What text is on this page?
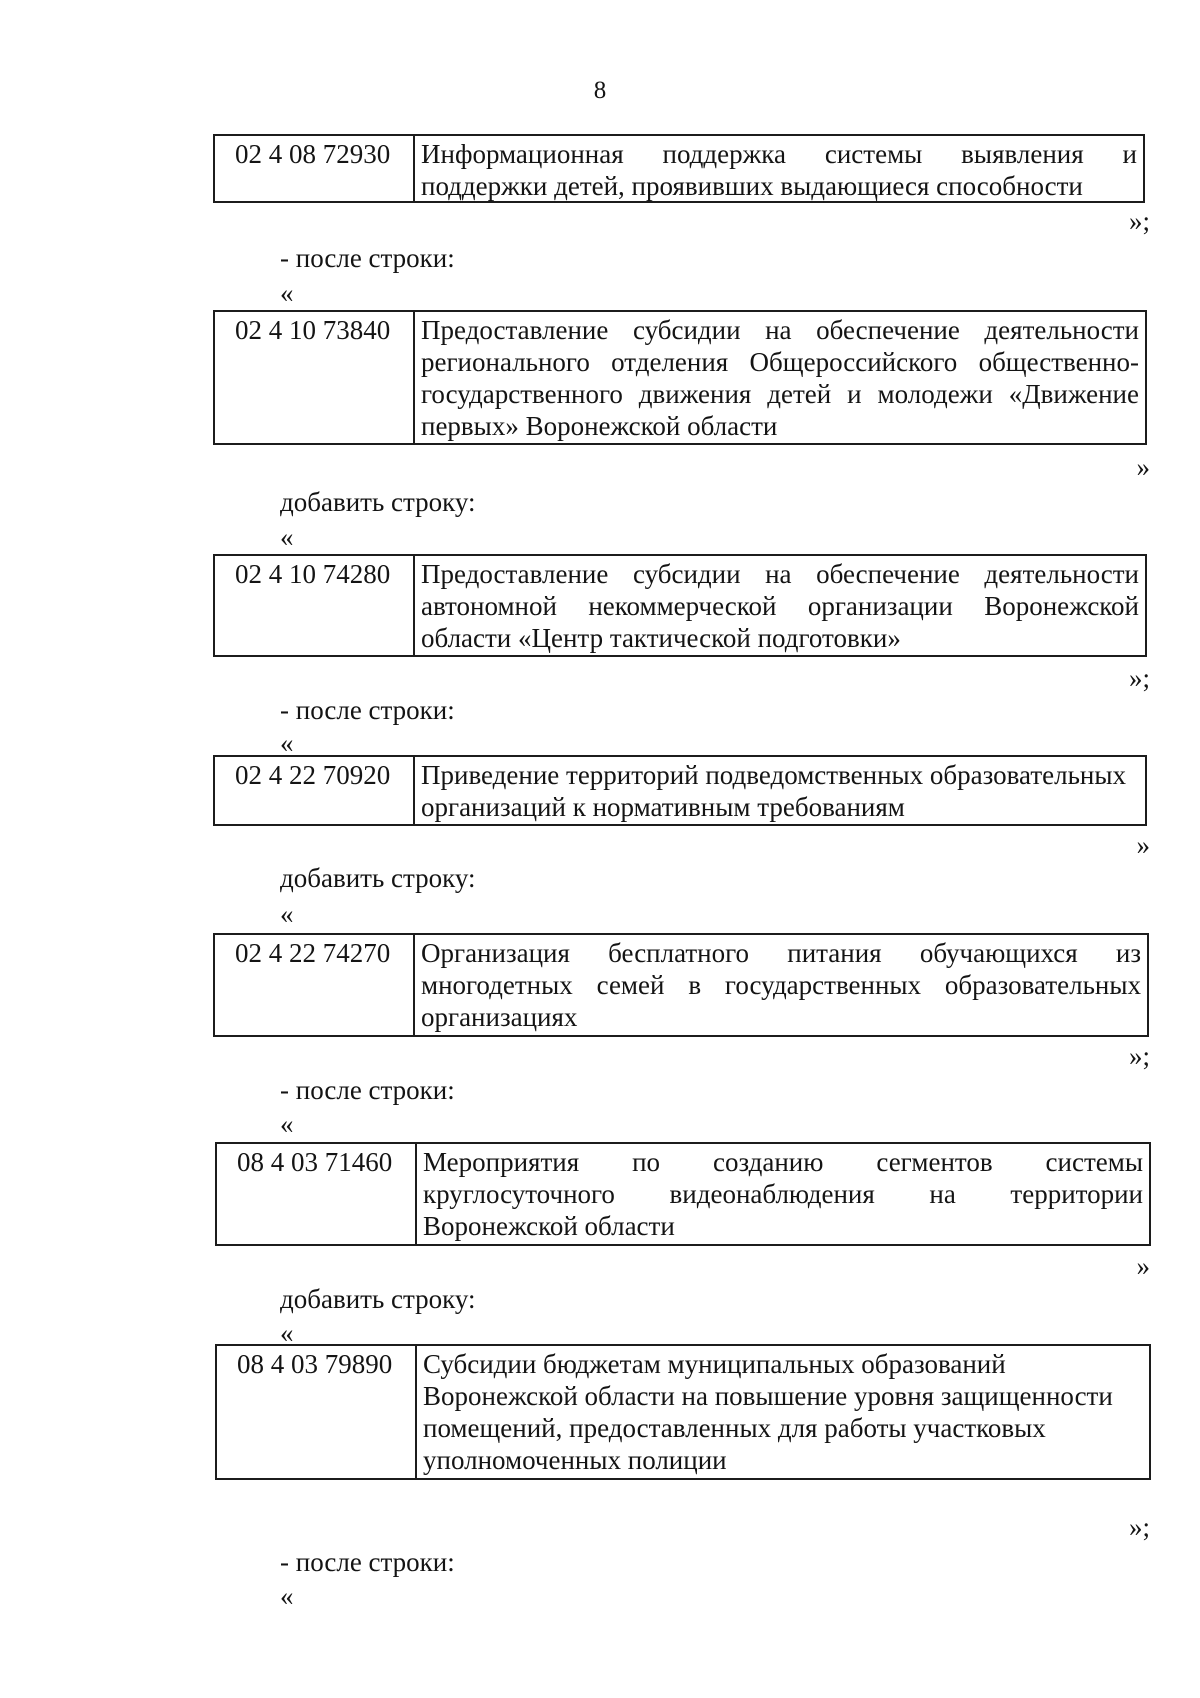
8
02 4 08 72930	Информационная поддержка системы выявления и
поддержки детей, проявивших выдающиеся способности
»;
- после строки:
«
02 4 10 73840	Предоставление субсидии на обеспечение деятельности регионального отделения Общероссийского общественно-государственного движения детей и молодежи «Движение первых» Воронежской области
»
добавить строку:
«
02 4 10 74280	Предоставление субсидии на обеспечение деятельности автономной некоммерческой организации Воронежской области «Центр тактической подготовки»
»;
- после строки:
«
02 4 22 70920	Приведение территорий подведомственных образовательных организаций к нормативным требованиям
»
добавить строку:
«
02 4 22 74270	Организация бесплатного питания обучающихся из многодетных семей в государственных образовательных организациях
»;
- после строки:
«
08 4 03 71460	Мероприятия по созданию сегментов системы круглосуточного видеонаблюдения на территории Воронежской области
»
добавить строку:
«
08 4 03 79890	Субсидии бюджетам муниципальных образований Воронежской области на повышение уровня защищенности помещений, предоставленных для работы участковых уполномоченных полиции
»;
- после строки:
«
